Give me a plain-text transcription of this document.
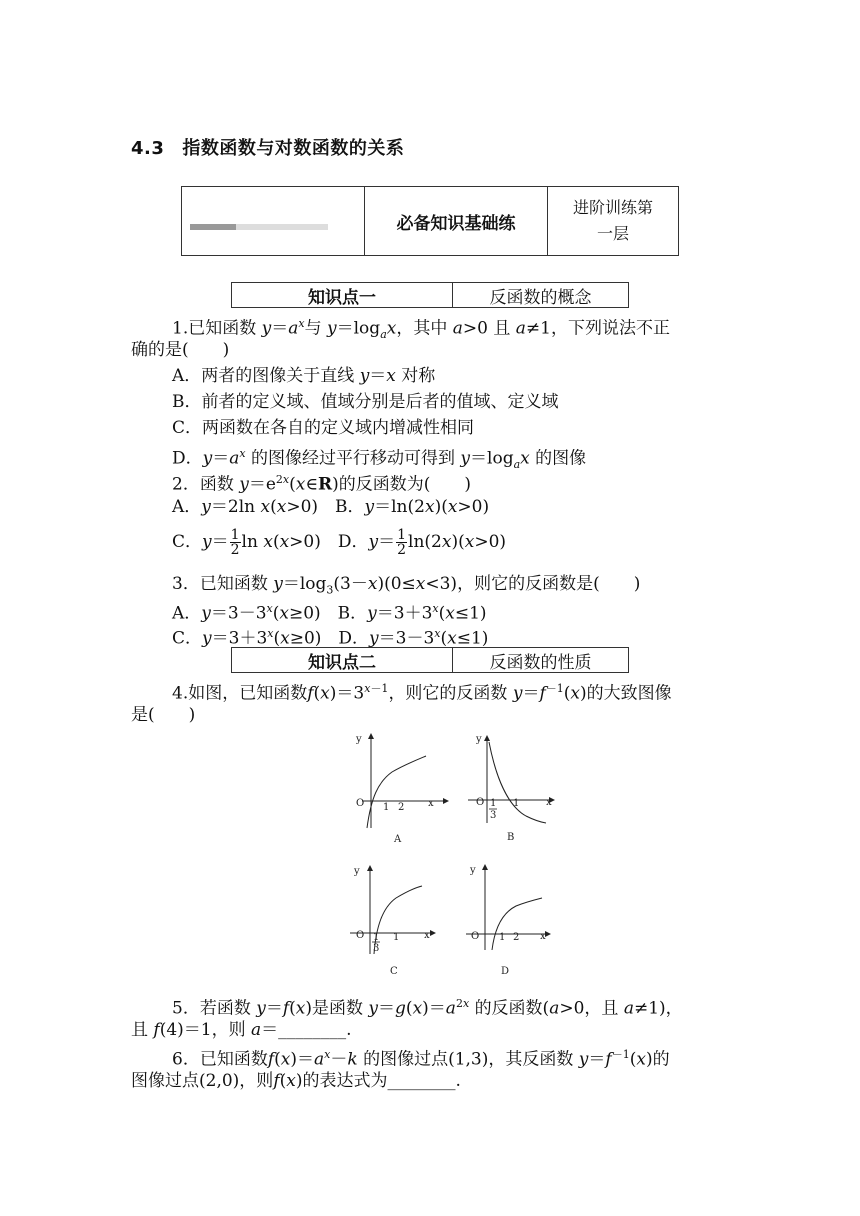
4.3 指数函数与对数函数的关系
必备知识基础练
进阶训练第
一层
知识点一	反函数的概念
1.已知函数 $y=a^x$与 $y=\log_ax$，其中 a>0 且 a≠1，下列说法不正
确的是(　　)
A．两者的图像关于直线 y＝x 对称
B．前者的定义域、值域分别是后者的值域、定义域
C．两函数在各自的定义域内增减性相同
D．$y=a^x$ 的图像经过平行移动可得到 $y=\log_ax$ 的图像
2．函数 $y=e^{2x}(x\in R)$的反函数为(　　)
A．y＝2ln x(x>0)　B．y＝ln(2x)(x>0)
C．$y= \frac{1}{2}$ ln x(x>0)　D．$y= \frac{1}{2} \ln(2x)(x>0)$
3．已知函数 $y=\log_3(3-x)(0\le x<3)$，则它的反函数是(　　)
A．$y=3-3^x(x\ge 0)$　B．$y=3+3^x(x\le 1)$
C．$y=3+3^x(x\ge 0)$　D．$y=3-3^x(x\le 1)$
知识点二	反函数的性质
4.如图，已知函数$f(x)=3^{x-1}$，则它的反函数 $y=f^{-1}(x)$的大致图像
是(　　)
y
O	x
1 2
A
y
O	x
1
3
1
B
y
O	x
1
3
1
C
y
O	x
1 2
D
5．若函数 y＝f(x)是函数 $y=g(x)=a^{2x}$ 的反函数(a>0，且 a≠1)，
且 f(4)＝1，则 a＝________.
6．已知函数$f(x)=a^x-k$ 的图像过点(1,3)，其反函数 $y=f^{-1}(x)$的
图像过点(2,0)，则f(x)的表达式为________.
